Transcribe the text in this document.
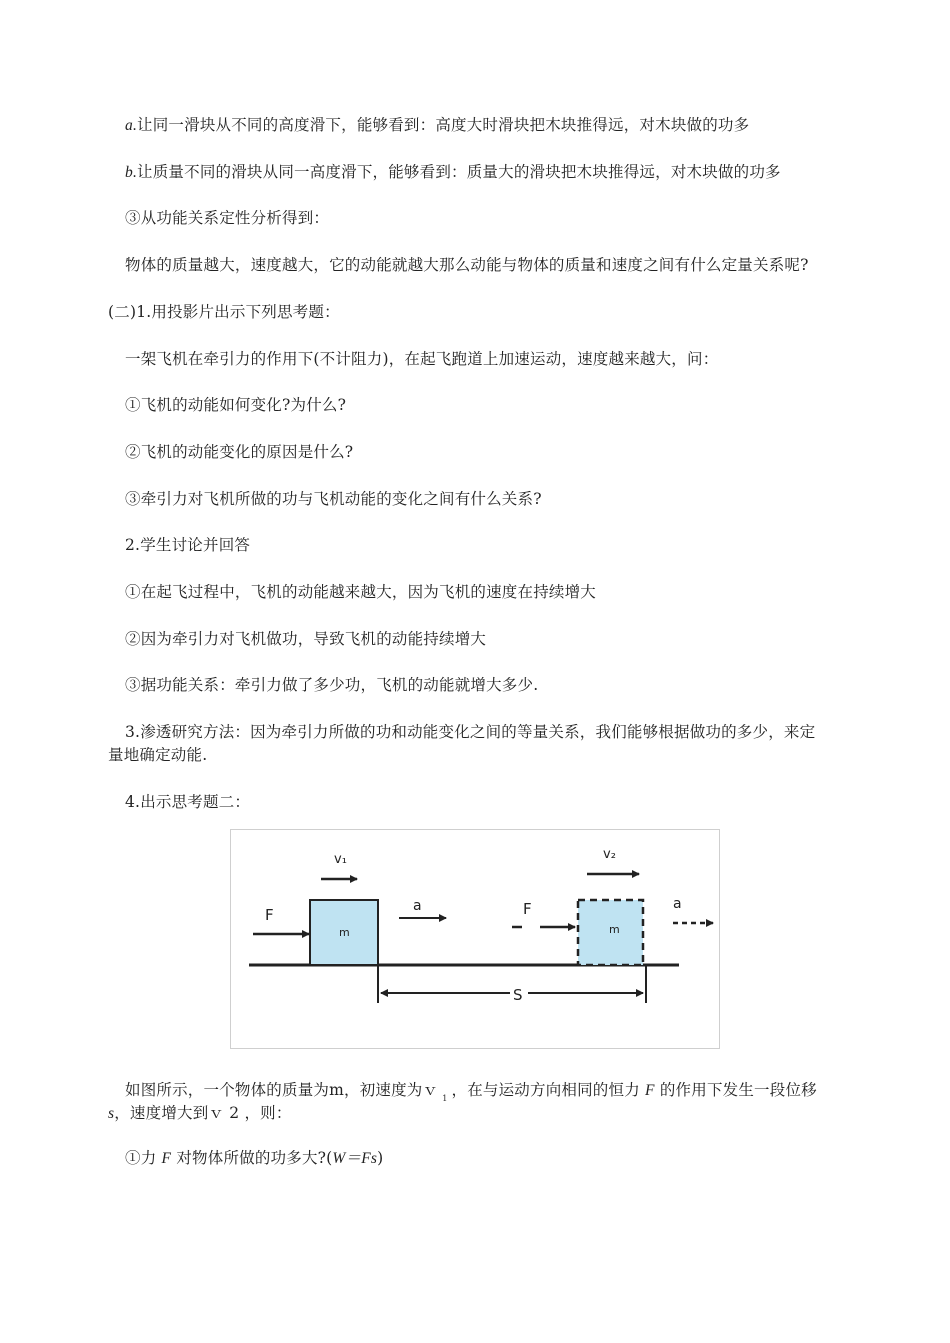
a.让同一滑块从不同的高度滑下，能够看到：高度大时滑块把木块推得远，对木块做的功多
b.让质量不同的滑块从同一高度滑下，能够看到：质量大的滑块把木块推得远，对木块做的功多
③从功能关系定性分析得到：
物体的质量越大，速度越大，它的动能就越大那么动能与物体的质量和速度之间有什么定量关系呢?
(二)1.用投影片出示下列思考题：
一架飞机在牵引力的作用下(不计阻力)，在起飞跑道上加速运动，速度越来越大，问：
①飞机的动能如何变化?为什么?
②飞机的动能变化的原因是什么?
③牵引力对飞机所做的功与飞机动能的变化之间有什么关系?
2.学生讨论并回答
①在起飞过程中，飞机的动能越来越大，因为飞机的速度在持续增大
②因为牵引力对飞机做功，导致飞机的动能持续增大
③据功能关系：牵引力做了多少功，飞机的动能就增大多少.
3.渗透研究方法：因为牵引力所做的功和动能变化之间的等量关系，我们能够根据做功的多少，来定
量地确定动能.
4.出示思考题二：
m	m
F
v₁
a	F
v₂
a
S
如图所示，一个物体的质量为m，初速度为ｖ $_1$ ，在与运动方向相同的恒力 F 的作用下发生一段位移
s，速度增大到ｖ 2 ，则：
①力 F 对物体所做的功多大?(W＝Fs)
